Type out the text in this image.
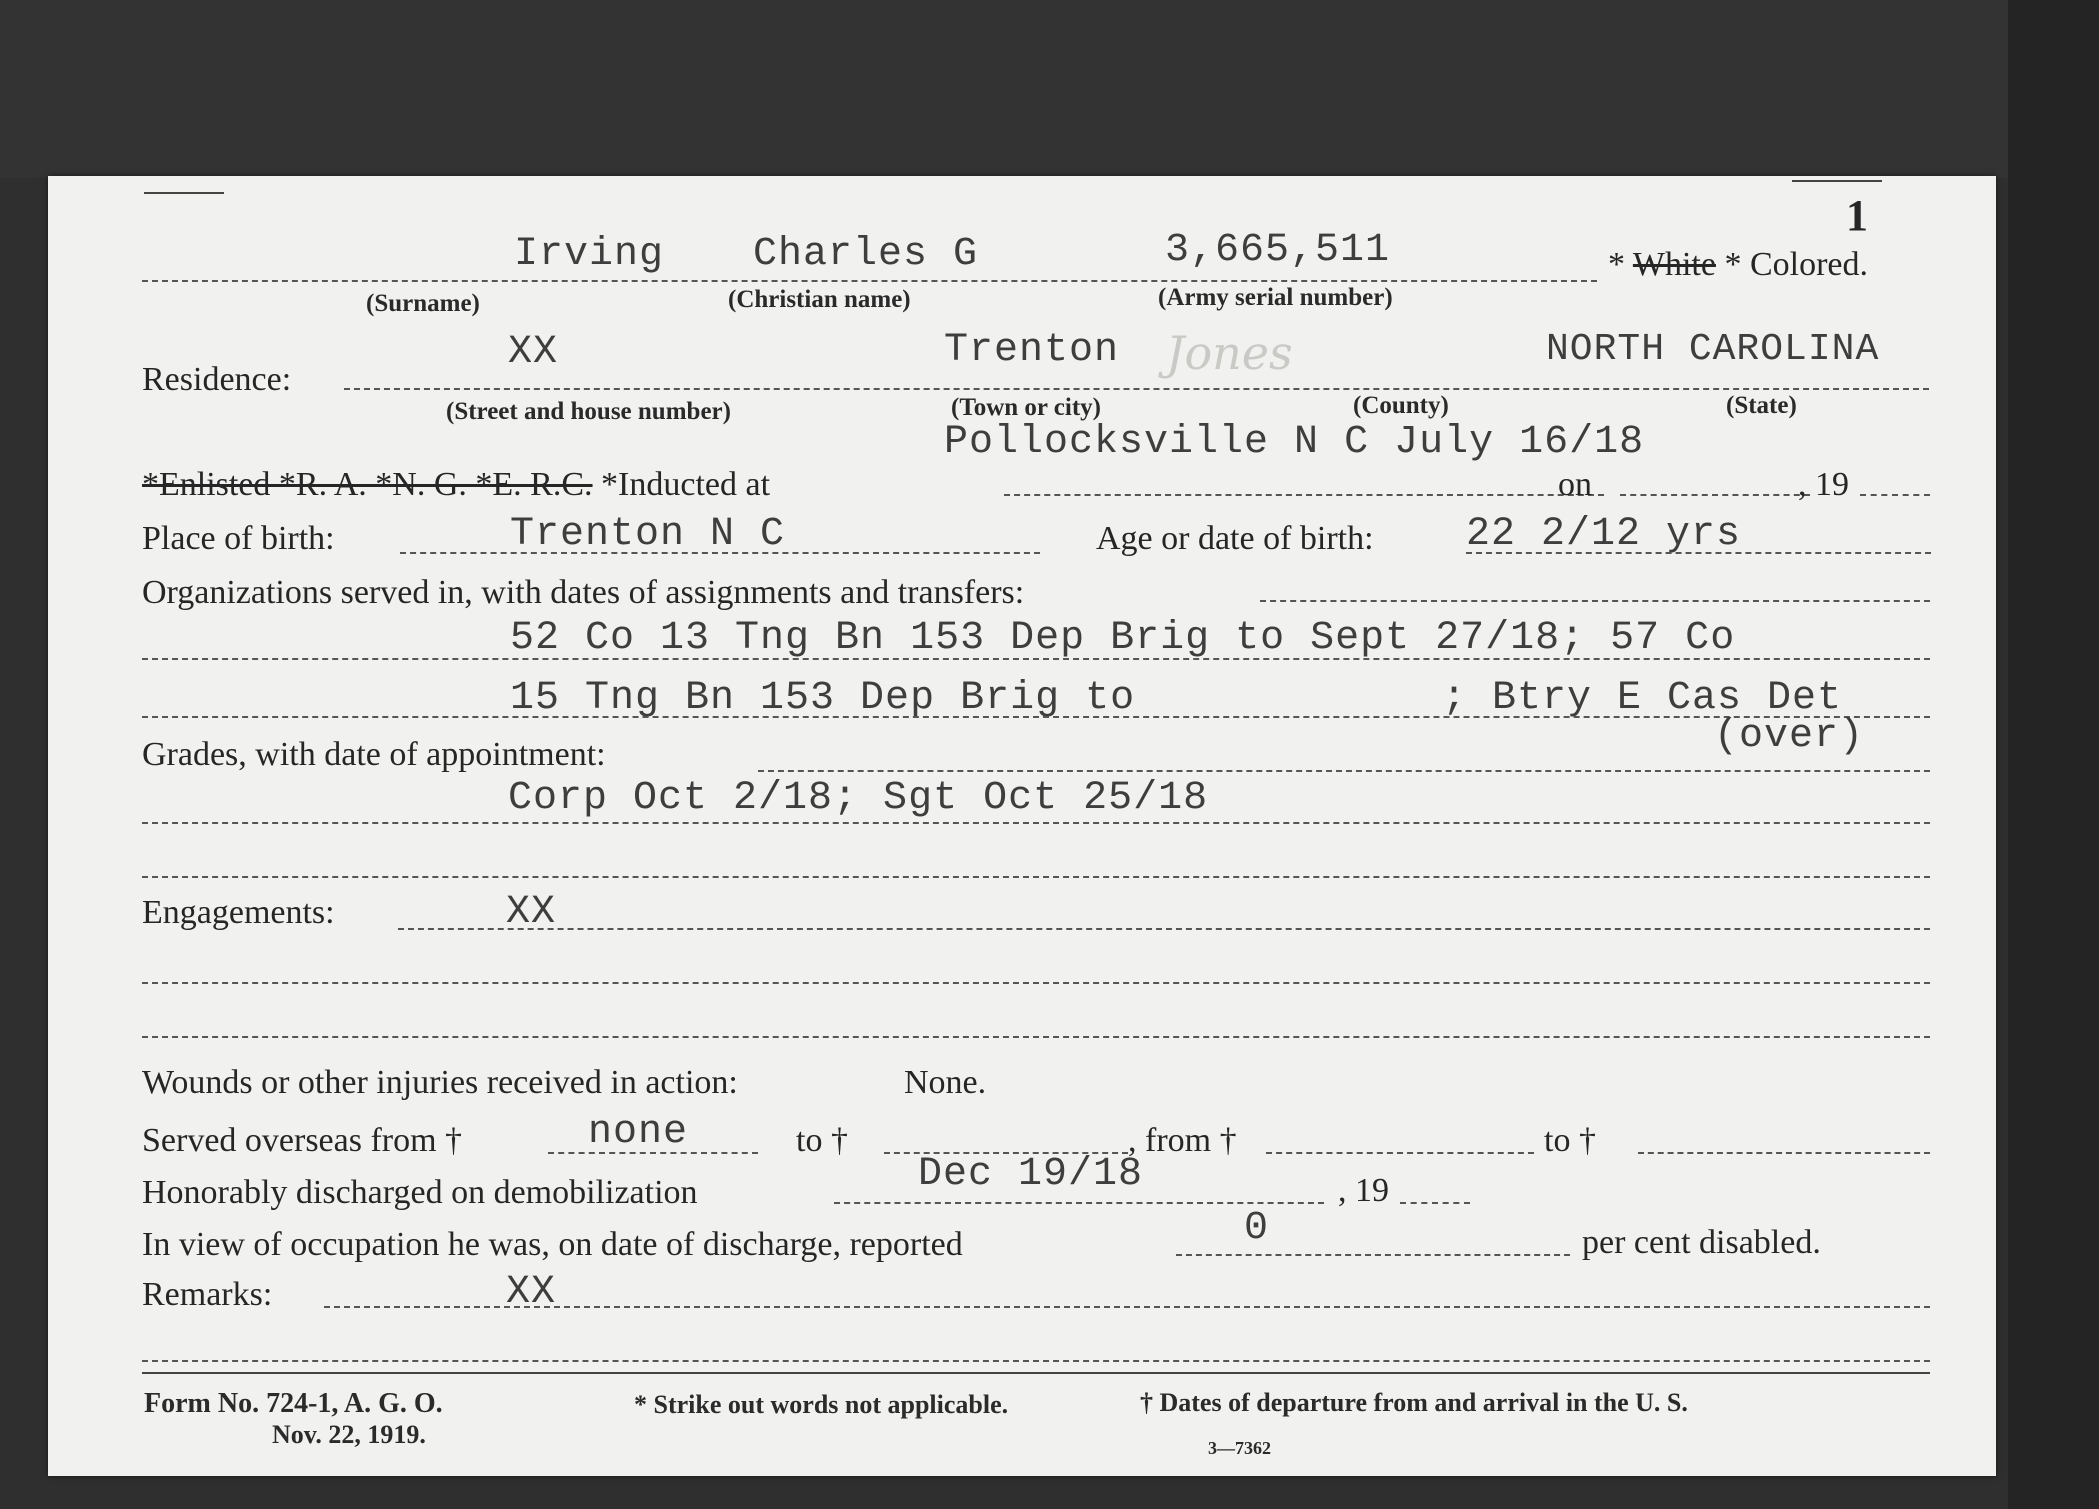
1
Irving Charles G	3,665,511	* White * Colored.
(Surname)	(Christian name)	(Army serial number)
Residence:
XX	Trenton Jones	NORTH CAROLINA
(Street and house number)	(Town or city)	(County)	(State)
Pollocksville N C July 16/18
*Enlisted *R. A. *N. G. *E. R.C. *Inducted at	on	, 19
Place of birth:	Trenton N C	Age or date of birth: 22 2/12 yrs
Organizations served in, with dates of assignments and transfers:
52 Co 13 Tng Bn 153 Dep Brig to Sept 27/18; 57 Co
15 Tng Bn 153 Dep Brig to	; Btry E Cas Det
(over)
Grades, with date of appointment:
Corp Oct 2/18; Sgt Oct 25/18
Engagements:	XX
Wounds or other injuries received in action:	None.
Served overseas from †	none	to †	, from †	to †
Honorably discharged on demobilization	Dec 19/18	, 19
In view of occupation he was, on date of discharge, reported	0	per cent disabled.
Remarks:	XX
Form No. 724-1, A. G. O.
Nov. 22, 1919.
* Strike out words not applicable.	† Dates of departure from and arrival in the U. S.
3—7362
